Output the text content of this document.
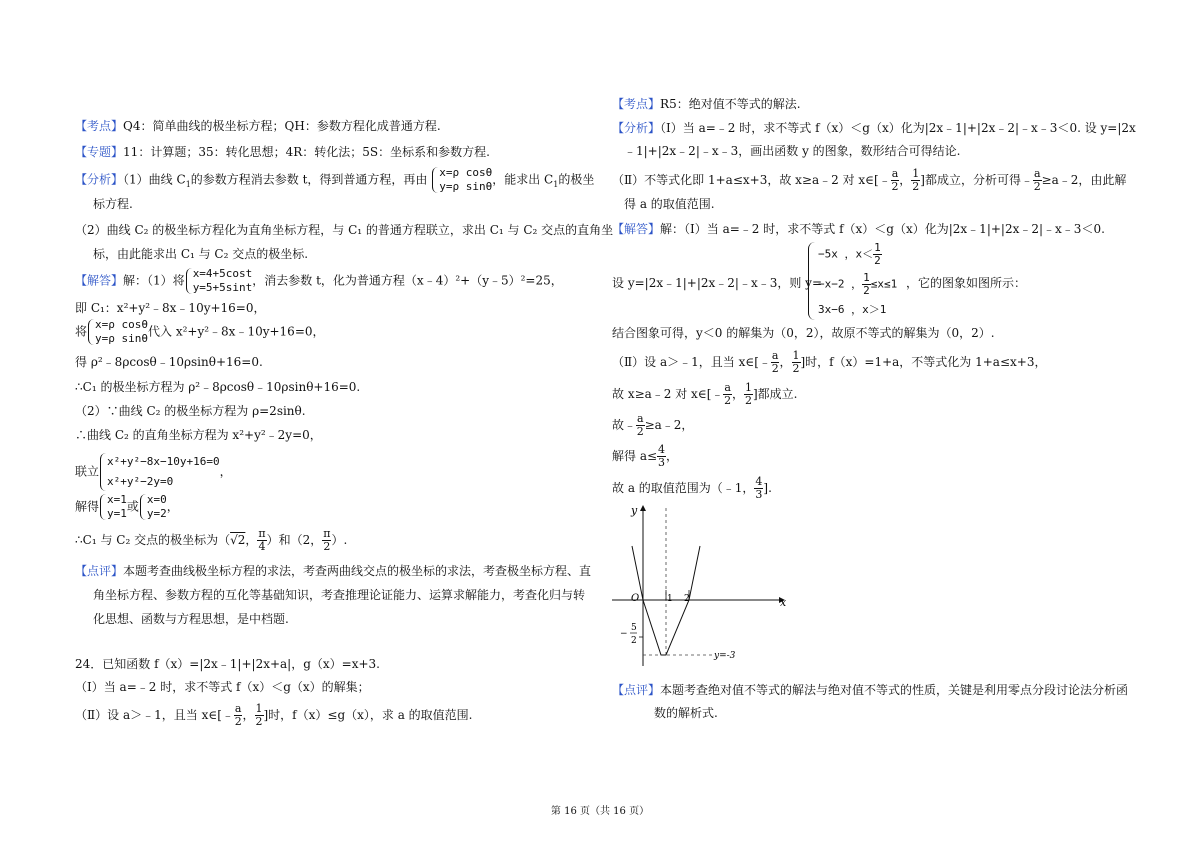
【考点】Q4：简单曲线的极坐标方程；QH：参数方程化成普通方程.
【专题】11：计算题；35：转化思想；4R：转化法；5S：坐标系和参数方程.
【分析】（1）曲线 $C_1$的参数方程消去参数 t，得到普通方程，再由 x=ρ cosθ
y=ρ sinθ，能求出 $C_1$的极坐
标方程.
（2）曲线 C₂ 的极坐标方程化为直角坐标方程，与 C₁ 的普通方程联立，求出 C₁ 与 C₂ 交点的直角坐
标，由此能求出 C₁ 与 C₂ 交点的极坐标.
【解答】解：（1）将 x=4+5cost
y=5+5sint，消去参数 t，化为普通方程（x﹣4）²+（y﹣5）²=25，
即 C₁：x²+y²﹣8x﹣10y+16=0，
将 x=ρ cosθ
y=ρ sinθ代入 x²+y²﹣8x﹣10y+16=0，
得 ρ²﹣8ρcosθ﹣10ρsinθ+16=0.
∴C₁ 的极坐标方程为 ρ²﹣8ρcosθ﹣10ρsinθ+16=0.
（2）∵曲线 C₂ 的极坐标方程为 ρ=2sinθ.
∴曲线 C₂ 的直角坐标方程为 x²+y²﹣2y=0，
联立x²+y²−8x−10y+16=0
x²+y²−2y=0，
解得 x=1
y=1或 x=0
y=2，
∴C₁ 与 C₂ 交点的极坐标为（√2， $\frac{\pi}{4}$ ）和（2， $\frac{\pi}{2}$ ）.
【点评】本题考查曲线极坐标方程的求法，考查两曲线交点的极坐标的求法，考查极坐标方程、直
角坐标方程、参数方程的互化等基础知识，考查推理论证能力、运算求解能力，考查化归与转
化思想、函数与方程思想，是中档题.
24．已知函数 f（x）=|2x﹣1|+|2x+a|，g（x）=x+3.
（Ⅰ）当 a=﹣2 时，求不等式 f（x）＜g（x）的解集；
（Ⅱ）设 a＞﹣1，且当 x∈[﹣ $\frac{a}{2}$ ， $\frac{1}{2}$ ]时，f（x）≤g（x），求 a 的取值范围.
【考点】R5：绝对值不等式的解法.
【分析】（Ⅰ）当 a=﹣2 时，求不等式 f（x）＜g（x）化为|2x﹣1|+|2x﹣2|﹣x﹣3＜0. 设 y=|2x
﹣1|+|2x﹣2|﹣x﹣3，画出函数 y 的图象，数形结合可得结论.
（Ⅱ）不等式化即 1+a≤x+3，故 x≥a﹣2 对 x∈[﹣ $\frac{a}{2}$ ， $\frac{1}{2}$ ]都成立，分析可得﹣ $\frac{a}{2}$ ≥a﹣2，由此解
得 a 的取值范围.
【解答】解：（Ⅰ）当 a=﹣2 时，求不等式 f（x）＜g（x）化为|2x﹣1|+|2x﹣2|﹣x﹣3＜0.
设 y=|2x﹣1|+|2x﹣2|﹣x﹣3，则 y=
−5x ，$x< \frac{1}{2}$
−x−2 ， $\frac{1}{2} \le x\le 1$
3x−6 ，x＞1
，它的图象如图所示：
结合图象可得，y＜0 的解集为（0，2），故原不等式的解集为（0，2）.
（Ⅱ）设 a＞﹣1，且当 x∈[﹣ $\frac{a}{2}$ ， $\frac{1}{2}$ ]时，f（x）=1+a，不等式化为 1+a≤x+3，
故 x≥a﹣2 对 x∈[﹣ $\frac{a}{2}$ ， $\frac{1}{2}$ ]都成立.
故﹣ $\frac{a}{2}$ ≥a﹣2，
解得 $a\le \frac{4}{3}$ ，
故 a 的取值范围为（﹣1， $\frac{4}{3}$ ].
y
x
O	1 2
−
5
2
y=-3
【点评】本题考查绝对值不等式的解法与绝对值不等式的性质，关键是利用零点分段讨论法分析函
数的解析式.
第 16 页（共 16 页）
